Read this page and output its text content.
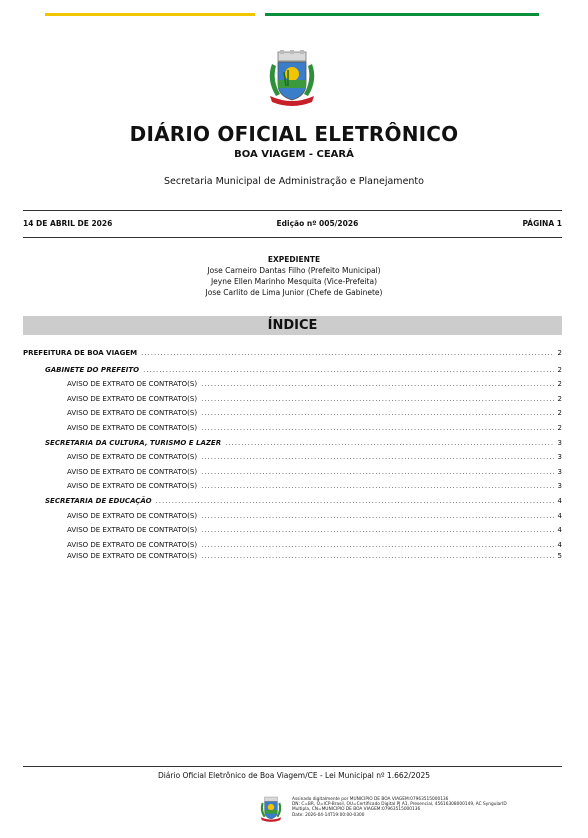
DIÁRIO OFICIAL ELETRÔNICO
BOA VIAGEM - CEARÁ
Secretaria Municipal de Administração e Planejamento
14 DE ABRIL DE 2026	Edição nº 005/2026	PÁGINA 1
EXPEDIENTE
Jose Carneiro Dantas Filho (Prefeito Municipal)
Jeyne Ellen Marinho Mesquita (Vice-Prefeita)
Jose Carlito de Lima Junior (Chefe de Gabinete)
ÍNDICE
PREFEITURA DE BOA VIAGEM .....	2
GABINETE DO PREFEITO .....	2
AVISO DE EXTRATO DE CONTRATO(S) .....	2
AVISO DE EXTRATO DE CONTRATO(S) .....	2
AVISO DE EXTRATO DE CONTRATO(S) .....	2
AVISO DE EXTRATO DE CONTRATO(S) .....	2
SECRETARIA DA CULTURA, TURISMO E LAZER .....	3
AVISO DE EXTRATO DE CONTRATO(S) .....	3
AVISO DE EXTRATO DE CONTRATO(S) .....	3
AVISO DE EXTRATO DE CONTRATO(S) .....	3
SECRETARIA DE EDUCAÇÃO .....	4
AVISO DE EXTRATO DE CONTRATO(S) .....	4
AVISO DE EXTRATO DE CONTRATO(S) .....	4
AVISO DE EXTRATO DE CONTRATO(S) .....	4
AVISO DE EXTRATO DE CONTRATO(S) .....	5
Diário Oficial Eletrônico de Boa Viagem/CE - Lei Municipal nº 1.662/2025
Assinado digitalmente por MUNICIPIO DE BOA VIAGEM:07963515000136
DN: C=BR, O=ICP-Brasil, OU=Certificado Digital PJ A1, Presencial, 45616308000149, AC SyngularID
Multipla, CN=MUNICIPIO DE BOA VIAGEM:07963515000136
Date: 2026-04-14T19:00:00-0300
